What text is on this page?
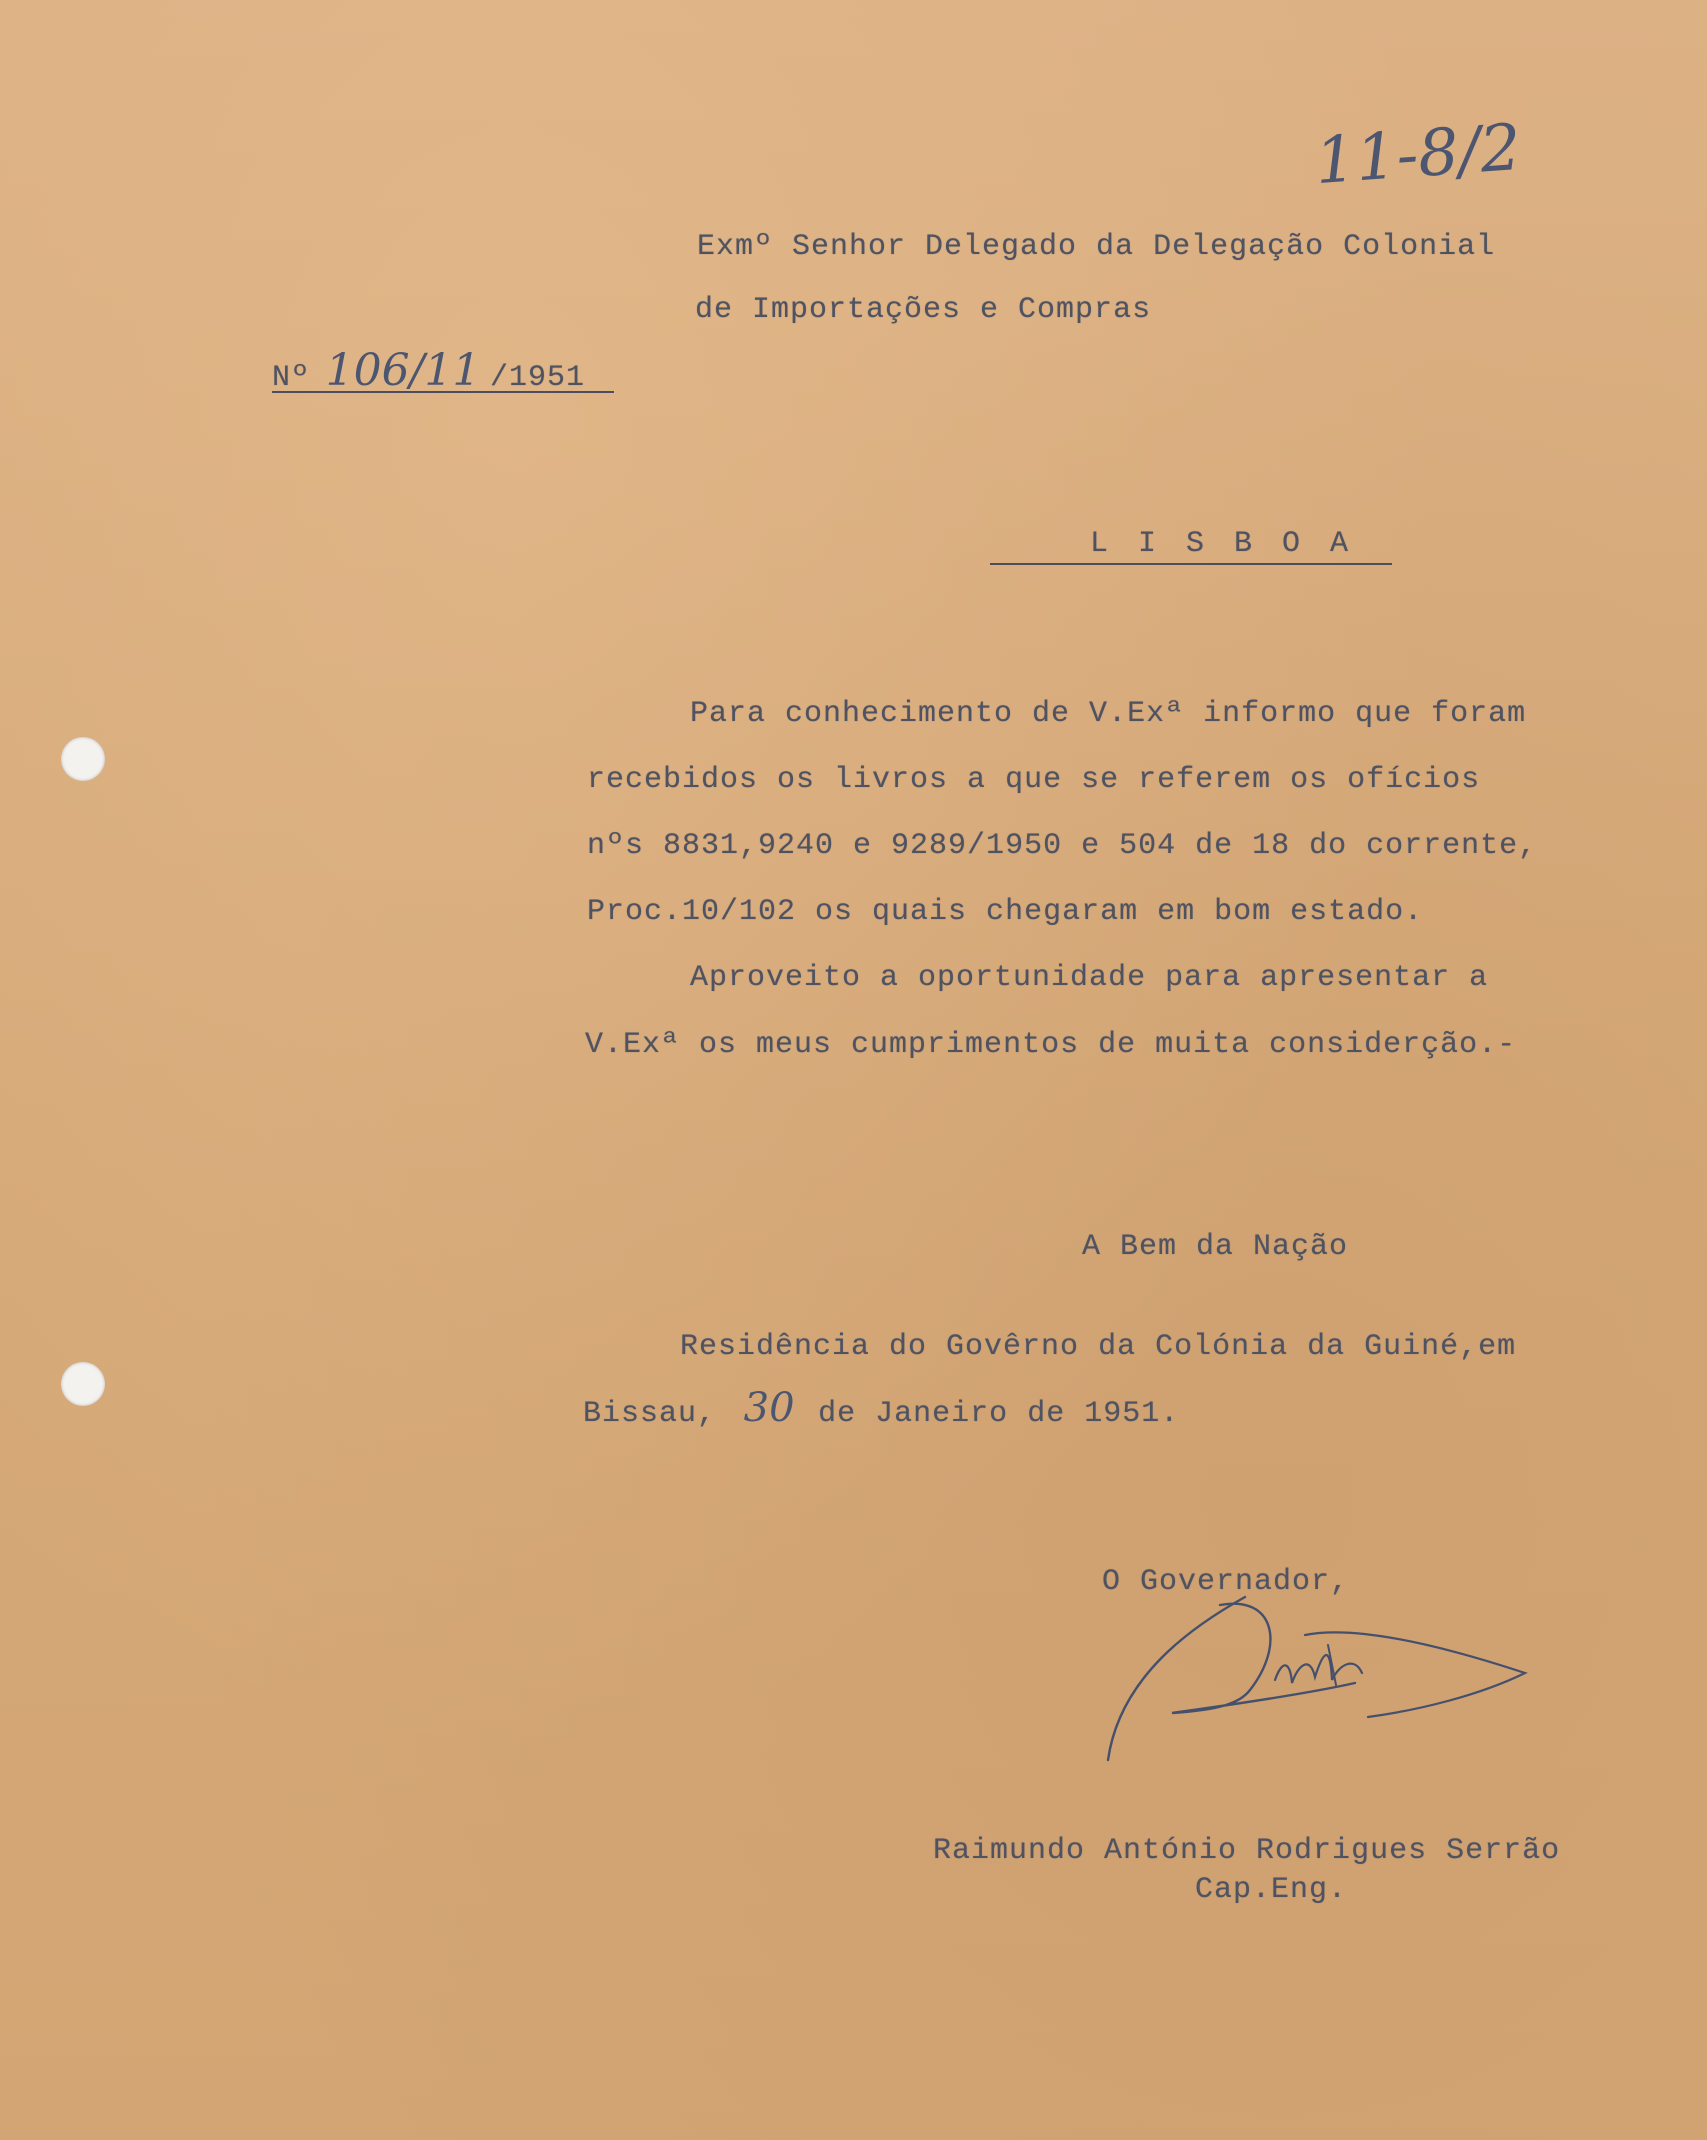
11-8/2
Exmº Senhor Delegado da Delegação Colonial
de Importações e Compras
Nº 106/11 /1951
L I S B O A
Para conhecimento de V.Exª informo que foram
recebidos os livros a que se referem os ofícios
nºs 8831,9240 e 9289/1950 e 504 de 18 do corrente,
Proc.10/102 os quais chegaram em bom estado.
Aproveito a oportunidade para apresentar a
V.Exª os meus cumprimentos de muita considerção.-
A Bem da Nação
Residência do Govêrno da Colónia da Guiné,em
Bissau, 30 de Janeiro de 1951.
O Governador,
Raimundo António Rodrigues Serrão
Cap.Eng.
